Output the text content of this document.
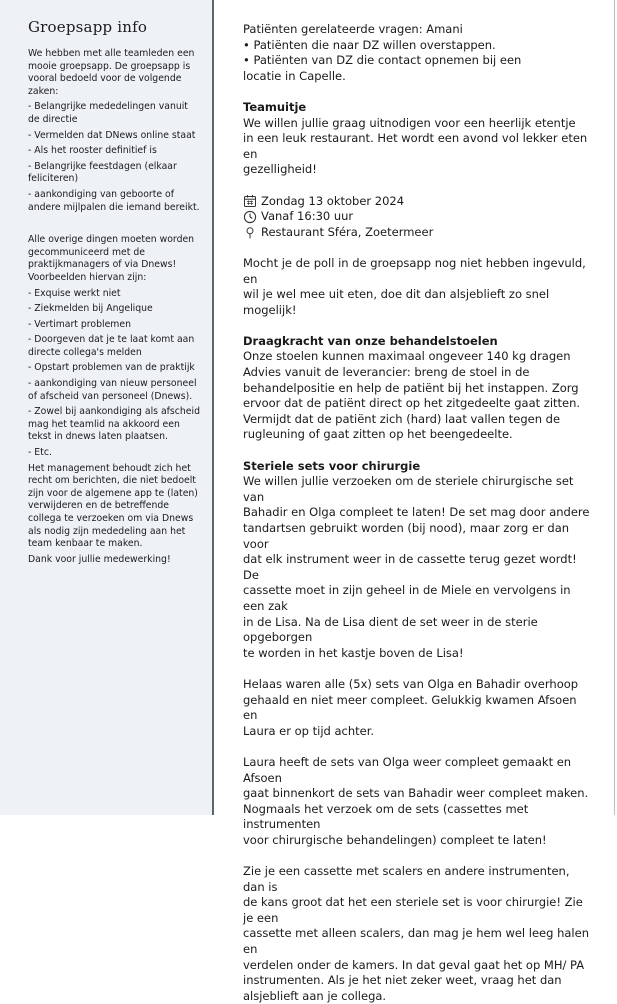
Groepsapp info

We hebben met alle teamleden een mooie groepsapp. De groepsapp is vooral bedoeld voor de volgende zaken:

- Belangrijke mededelingen vanuit de directie

- Vermelden dat DNews online staat

- Als het rooster definitief is

- Belangrijke feestdagen (elkaar feliciteren)

- aankondiging van geboorte of andere mijlpalen die iemand bereikt.

Alle overige dingen moeten worden gecommuniceerd met de praktijkmanagers of via Dnews! Voorbeelden hiervan zijn:

- Exquise werkt niet

- Ziekmelden bij Angelique

- Vertimart problemen

- Doorgeven dat je te laat komt aan directe collega's melden

- Opstart problemen van de praktijk

- aankondiging van nieuw personeel of afscheid van personeel (Dnews).

- Zowel bij aankondiging als afscheid mag het teamlid na akkoord een tekst in dnews laten plaatsen.

- Etc.

Het management behoudt zich het recht om berichten, die niet bedoelt zijn voor de algemene app te (laten) verwijderen en de betreffende collega te verzoeken om via Dnews als nodig zijn mededeling aan het team kenbaar te maken.

Dank voor jullie medewerking!

Patiënten gerelateerde vragen: Amani

• Patiënten die naar DZ willen overstappen.

• Patiënten van DZ die contact opnemen bij een

locatie in Capelle.

Teamuitje

We willen jullie graag uitnodigen voor een heerlijk etentje

in een leuk restaurant. Het wordt een avond vol lekker eten en

gezelligheid!

Zondag 13 oktober 2024
Vanaf 16:30 uur
Restaurant Sféra, Zoetermeer

Mocht je de poll in de groepsapp nog niet hebben ingevuld, en

wil je wel mee uit eten, doe dit dan alsjeblieft zo snel mogelijk!

Draagkracht van onze behandelstoelen

Onze stoelen kunnen maximaal ongeveer 140 kg dragen

Advies vanuit de leverancier: breng de stoel in de

behandelpositie en help de patiënt bij het instappen. Zorg

ervoor dat de patiënt direct op het zitgedeelte gaat zitten.

Vermijdt dat de patiënt zich (hard) laat vallen tegen de

rugleuning of gaat zitten op het beengedeelte.

Steriele sets voor chirurgie

We willen jullie verzoeken om de steriele chirurgische set van

Bahadir en Olga compleet te laten! De set mag door andere

tandartsen gebruikt worden (bij nood), maar zorg er dan voor

dat elk instrument weer in de cassette terug gezet wordt! De

cassette moet in zijn geheel in de Miele en vervolgens in een zak

in de Lisa. Na de Lisa dient de set weer in de sterie opgeborgen

te worden in het kastje boven de Lisa!

Helaas waren alle (5x) sets van Olga en Bahadir overhoop

gehaald en niet meer compleet. Gelukkig kwamen Afsoen en

Laura er op tijd achter.

Laura heeft de sets van Olga weer compleet gemaakt en Afsoen

gaat binnenkort de sets van Bahadir weer compleet maken.

Nogmaals het verzoek om de sets (cassettes met instrumenten

voor chirurgische behandelingen) compleet te laten!

Zie je een cassette met scalers en andere instrumenten, dan is

de kans groot dat het een steriele set is voor chirurgie! Zie je een

cassette met alleen scalers, dan mag je hem wel leeg halen en

verdelen onder de kamers. In dat geval gaat het op MH/ PA

instrumenten. Als je het niet zeker weet, vraag het dan

alsjeblieft aan je collega.
